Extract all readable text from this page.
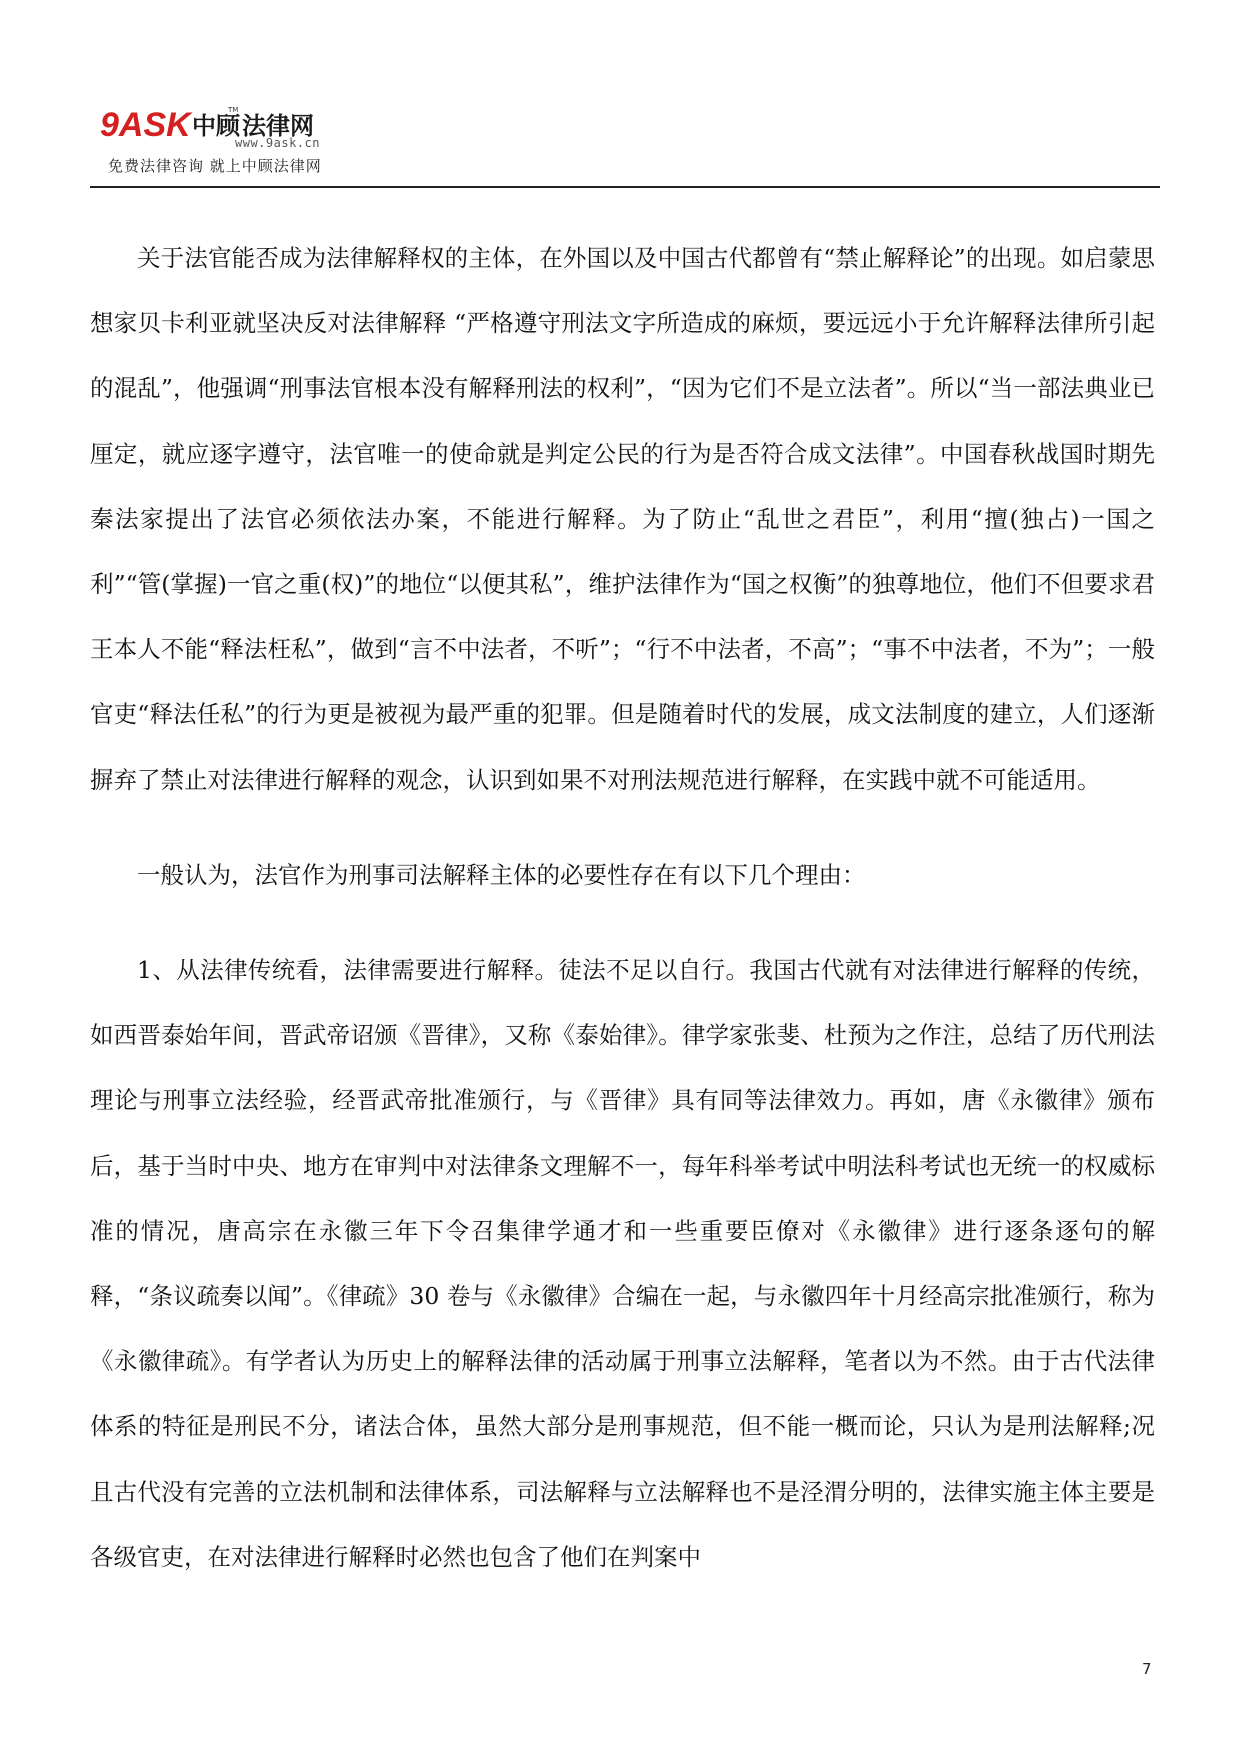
9ASK 中顾
TM
法律网
www.9ask.cn
免费法律咨询 就上中顾法律网

关于法官能否成为法律解释权的主体，在外国以及中国古代都曾有“禁止解释论”的出现。如启蒙思想家贝卡利亚就坚决反对法律解释 “严格遵守刑法文字所造成的麻烦，要远远小于允许解释法律所引起的混乱”，他强调“刑事法官根本没有解释刑法的权利”，“因为它们不是立法者”。所以“当一部法典业已厘定，就应逐字遵守，法官唯一的使命就是判定公民的行为是否符合成文法律”。中国春秋战国时期先秦法家提出了法官必须依法办案，不能进行解释。为了防止“乱世之君臣”，利用“擅(独占)一国之利”“管(掌握)一官之重(权)”的地位“以便其私”，维护法律作为“国之权衡”的独尊地位，他们不但要求君王本人不能“释法枉私”，做到“言不中法者，不听”；“行不中法者，不高”；“事不中法者，不为”；一般官吏“释法任私”的行为更是被视为最严重的犯罪。但是随着时代的发展，成文法制度的建立，人们逐渐摒弃了禁止对法律进行解释的观念，认识到如果不对刑法规范进行解释，在实践中就不可能适用。

一般认为，法官作为刑事司法解释主体的必要性存在有以下几个理由：

1、从法律传统看，法律需要进行解释。徒法不足以自行。我国古代就有对法律进行解释的传统，如西晋泰始年间，晋武帝诏颁《晋律》，又称《泰始律》。律学家张斐、杜预为之作注，总结了历代刑法理论与刑事立法经验，经晋武帝批准颁行，与《晋律》具有同等法律效力。再如，唐《永徽律》颁布后，基于当时中央、地方在审判中对法律条文理解不一，每年科举考试中明法科考试也无统一的权威标准的情况，唐高宗在永徽三年下令召集律学通才和一些重要臣僚对《永徽律》进行逐条逐句的解释，“条议疏奏以闻”。《律疏》30 卷与《永徽律》合编在一起，与永徽四年十月经高宗批准颁行，称为《永徽律疏》。有学者认为历史上的解释法律的活动属于刑事立法解释，笔者以为不然。由于古代法律体系的特征是刑民不分，诸法合体，虽然大部分是刑事规范，但不能一概而论，只认为是刑法解释;况且古代没有完善的立法机制和法律体系，司法解释与立法解释也不是泾渭分明的，法律实施主体主要是各级官吏，在对法律进行解释时必然也包含了他们在判案中

7
